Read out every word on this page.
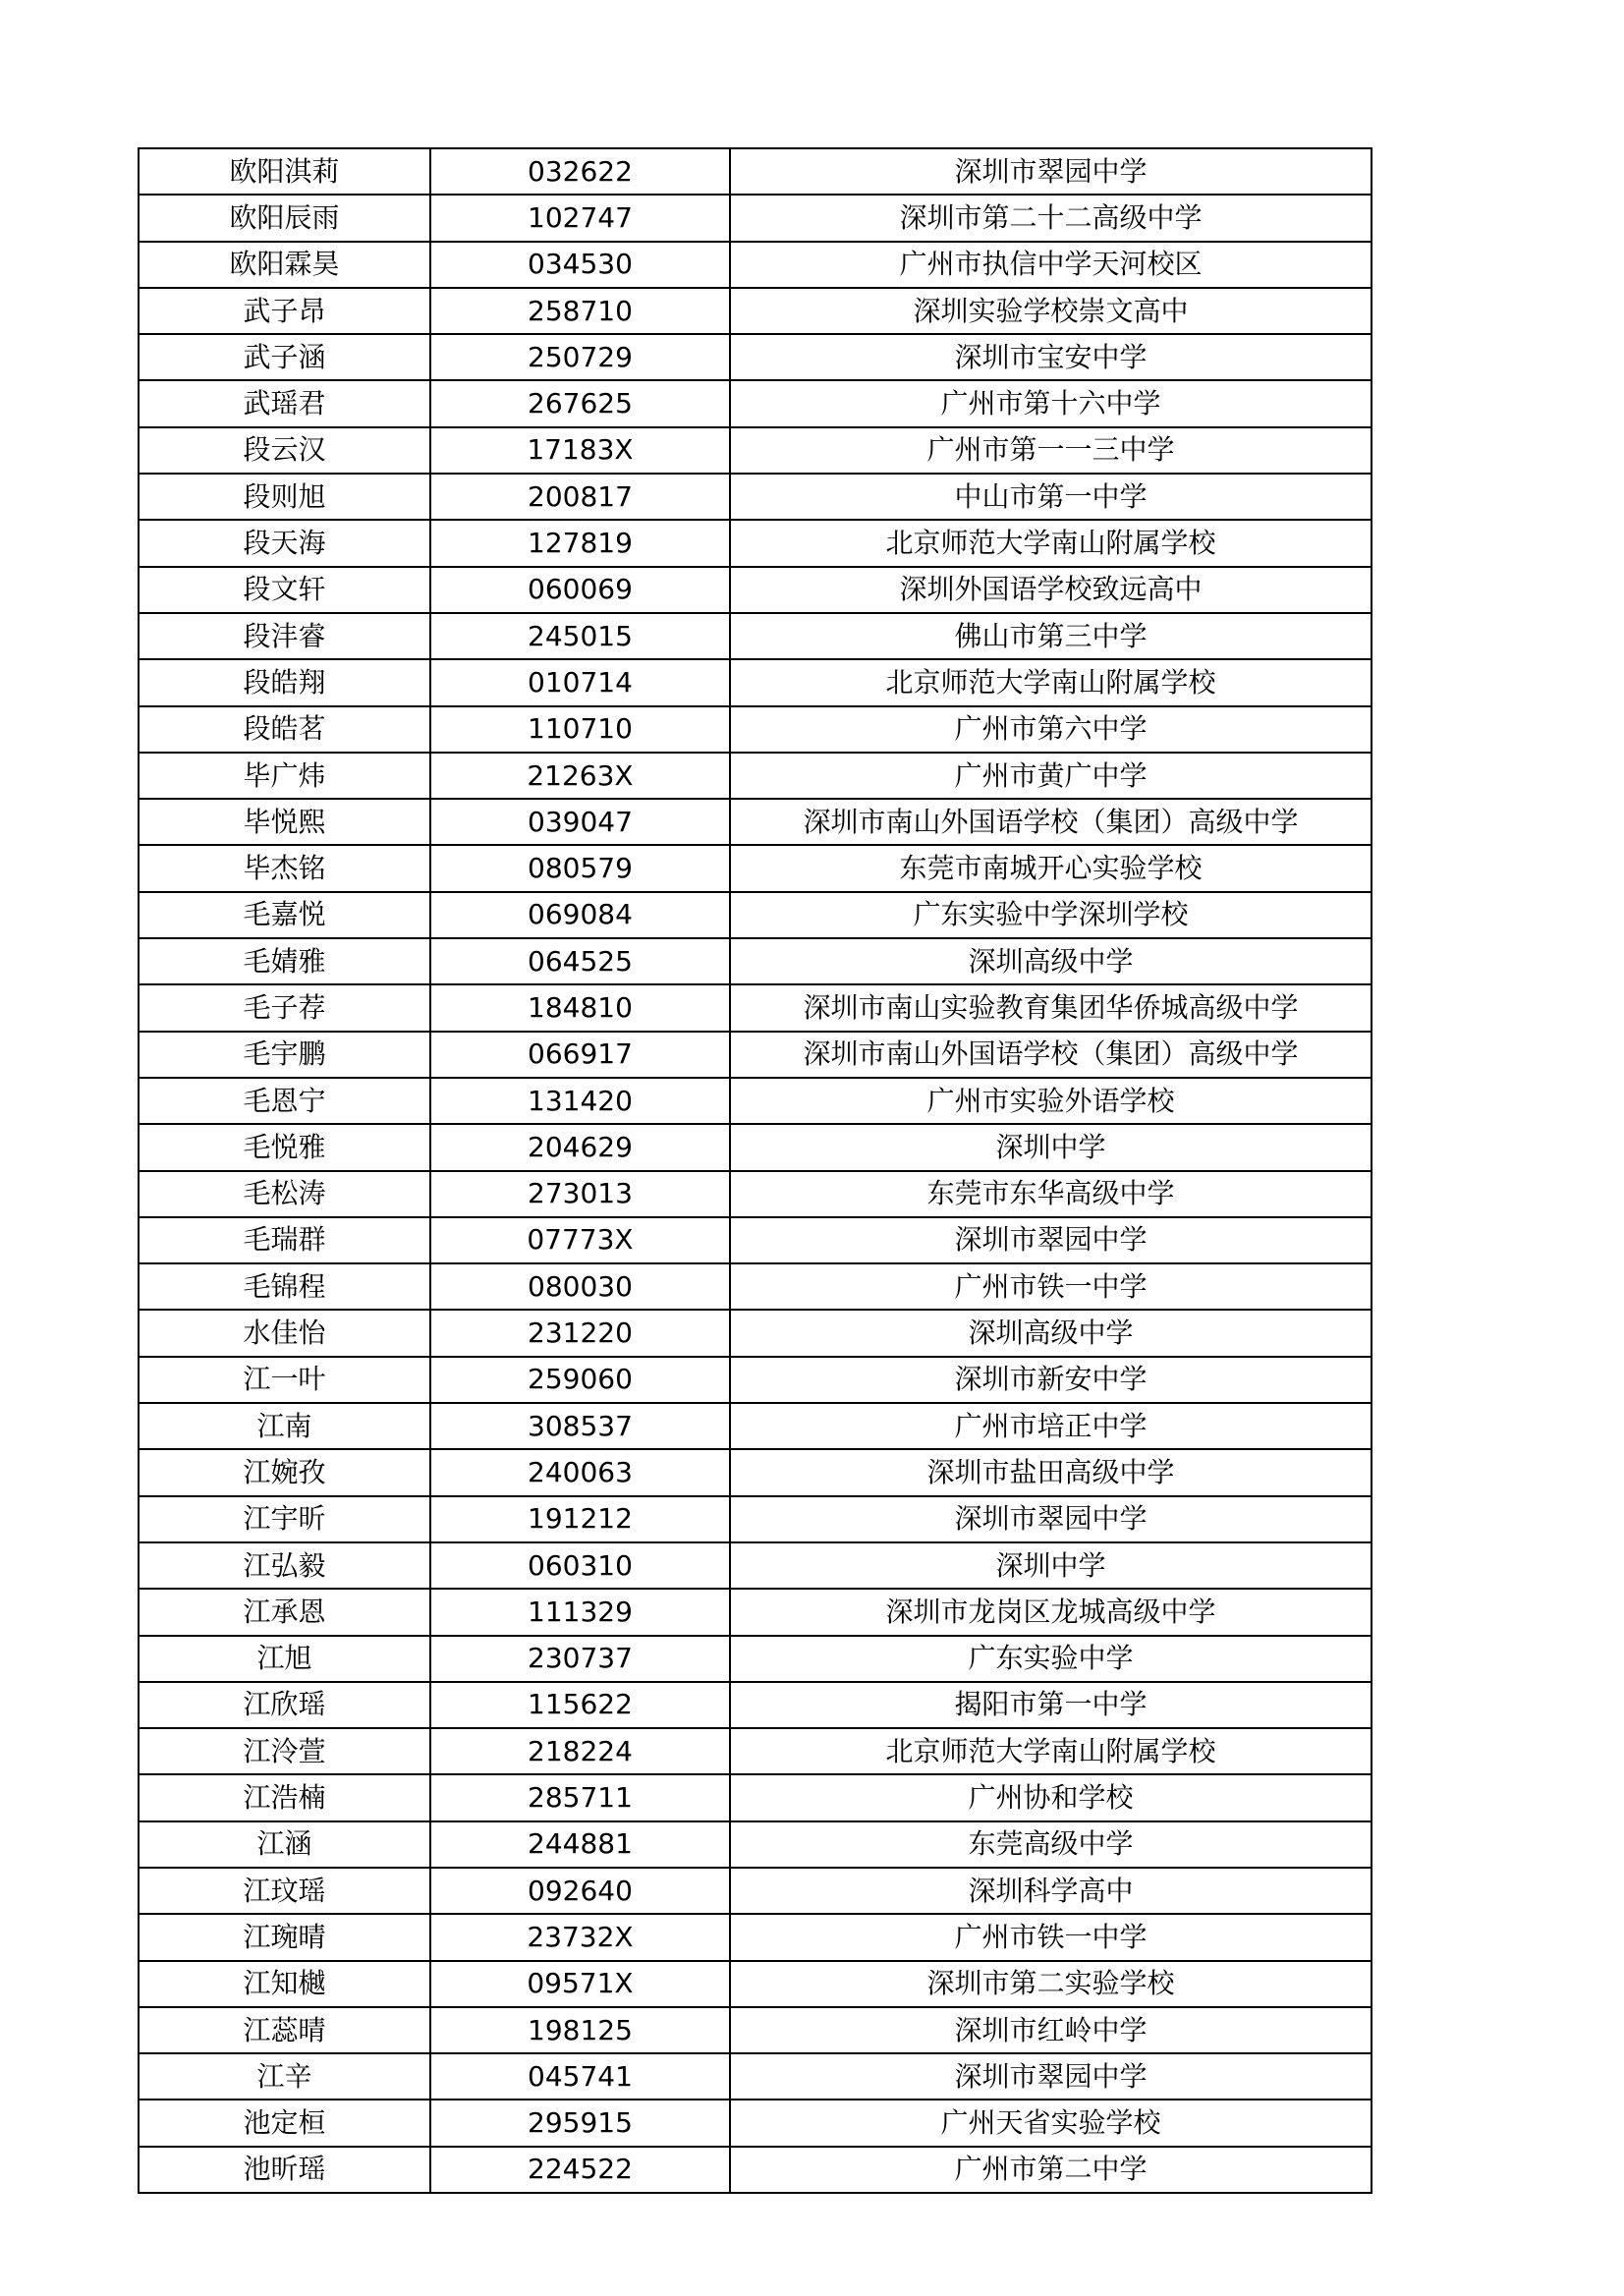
欧阳淇莉	032622	深圳市翠园中学
欧阳辰雨	102747	深圳市第二十二高级中学
欧阳霖昊	034530	广州市执信中学天河校区
武子昂	258710	深圳实验学校崇文高中
武子涵	250729	深圳市宝安中学
武瑶君	267625	广州市第十六中学
段云汉	17183X	广州市第一一三中学
段则旭	200817	中山市第一中学
段天海	127819	北京师范大学南山附属学校
段文轩	060069	深圳外国语学校致远高中
段沣睿	245015	佛山市第三中学
段皓翔	010714	北京师范大学南山附属学校
段皓茗	110710	广州市第六中学
毕广炜	21263X	广州市黄广中学
毕悦熙	039047	深圳市南山外国语学校（集团）高级中学
毕杰铭	080579	东莞市南城开心实验学校
毛嘉悦	069084	广东实验中学深圳学校
毛婧雅	064525	深圳高级中学
毛子荐	184810	深圳市南山实验教育集团华侨城高级中学
毛宇鹏	066917	深圳市南山外国语学校（集团）高级中学
毛恩宁	131420	广州市实验外语学校
毛悦雅	204629	深圳中学
毛松涛	273013	东莞市东华高级中学
毛瑞群	07773X	深圳市翠园中学
毛锦程	080030	广州市铁一中学
水佳怡	231220	深圳高级中学
江一叶	259060	深圳市新安中学
江南	308537	广州市培正中学
江婉孜	240063	深圳市盐田高级中学
江宇昕	191212	深圳市翠园中学
江弘毅	060310	深圳中学
江承恩	111329	深圳市龙岗区龙城高级中学
江旭	230737	广东实验中学
江欣瑶	115622	揭阳市第一中学
江泠萱	218224	北京师范大学南山附属学校
江浩楠	285711	广州协和学校
江涵	244881	东莞高级中学
江玟瑶	092640	深圳科学高中
江琬晴	23732X	广州市铁一中学
江知樾	09571X	深圳市第二实验学校
江蕊晴	198125	深圳市红岭中学
江辛	045741	深圳市翠园中学
池定桓	295915	广州天省实验学校
池昕瑶	224522	广州市第二中学
